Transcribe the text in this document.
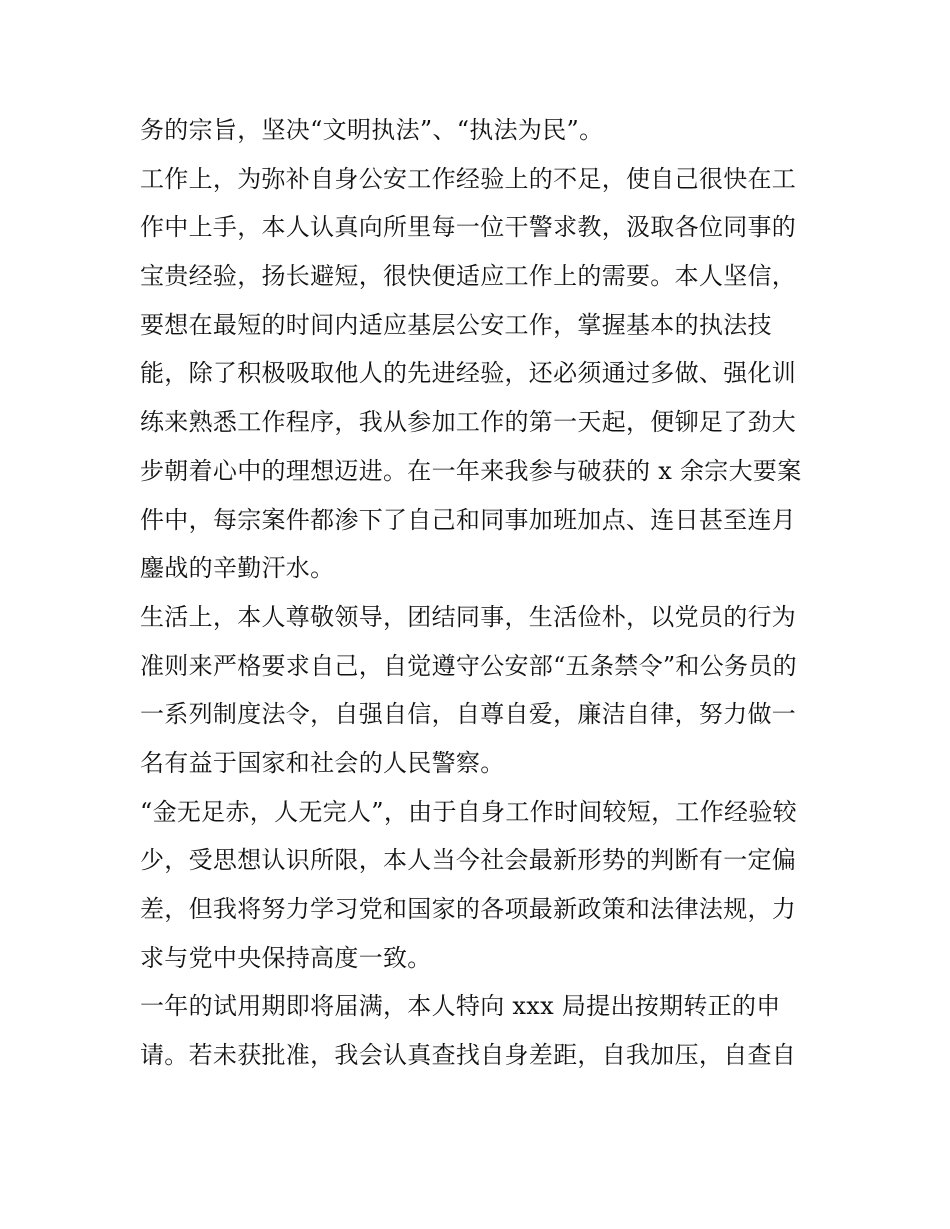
务的宗旨，坚决“文明执法”、“执法为民”。
工作上，为弥补自身公安工作经验上的不足，使自己很快在工
作中上手，本人认真向所里每一位干警求教，汲取各位同事的
宝贵经验，扬长避短，很快便适应工作上的需要。本人坚信，
要想在最短的时间内适应基层公安工作，掌握基本的执法技
能，除了积极吸取他人的先进经验，还必须通过多做、强化训
练来熟悉工作程序，我从参加工作的第一天起，便铆足了劲大
步朝着心中的理想迈进。在一年来我参与破获的 x 余宗大要案
件中，每宗案件都渗下了自己和同事加班加点、连日甚至连月
鏖战的辛勤汗水。
生活上，本人尊敬领导，团结同事，生活俭朴，以党员的行为
准则来严格要求自己，自觉遵守公安部“五条禁令”和公务员的
一系列制度法令，自强自信，自尊自爱，廉洁自律，努力做一
名有益于国家和社会的人民警察。
“金无足赤，人无完人”，由于自身工作时间较短，工作经验较
少，受思想认识所限，本人当今社会最新形势的判断有一定偏
差，但我将努力学习党和国家的各项最新政策和法律法规，力
求与党中央保持高度一致。
一年的试用期即将届满，本人特向 xxx 局提出按期转正的申
请。若未获批准，我会认真查找自身差距，自我加压，自查自
